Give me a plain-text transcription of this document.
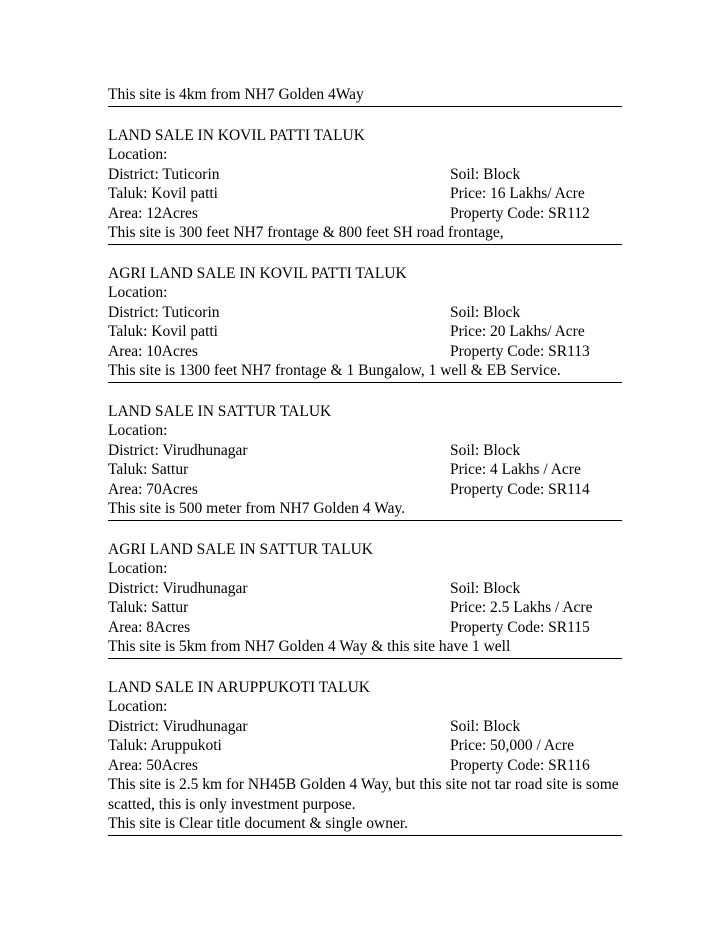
This site is 4km from NH7 Golden 4Way
LAND SALE IN KOVIL PATTI TALUK
Location:
District: Tuticorin	Soil: Block
Taluk: Kovil patti	Price: 16 Lakhs/ Acre
Area: 12Acres	Property Code: SR112
This site is 300 feet NH7 frontage & 800 feet SH road frontage,
AGRI LAND SALE IN KOVIL PATTI TALUK
Location:
District: Tuticorin	Soil: Block
Taluk: Kovil patti	Price: 20 Lakhs/ Acre
Area: 10Acres	Property Code: SR113
This site is 1300 feet NH7 frontage & 1 Bungalow, 1 well & EB Service.
LAND SALE IN SATTUR TALUK
Location:
District: Virudhunagar	Soil: Block
Taluk: Sattur	Price: 4 Lakhs / Acre
Area: 70Acres	Property Code: SR114
This site is 500 meter from NH7 Golden 4 Way.
AGRI LAND SALE IN SATTUR TALUK
Location:
District: Virudhunagar	Soil: Block
Taluk: Sattur	Price: 2.5 Lakhs / Acre
Area: 8Acres	Property Code: SR115
This site is 5km from NH7 Golden 4 Way & this site have 1 well
LAND SALE IN ARUPPUKOTI TALUK
Location:
District: Virudhunagar	Soil: Block
Taluk: Aruppukoti	Price: 50,000 / Acre
Area: 50Acres	Property Code: SR116
This site is 2.5 km for NH45B Golden 4 Way, but this site not tar road site is some scatted, this is only investment purpose.
This site is Clear title document & single owner.
